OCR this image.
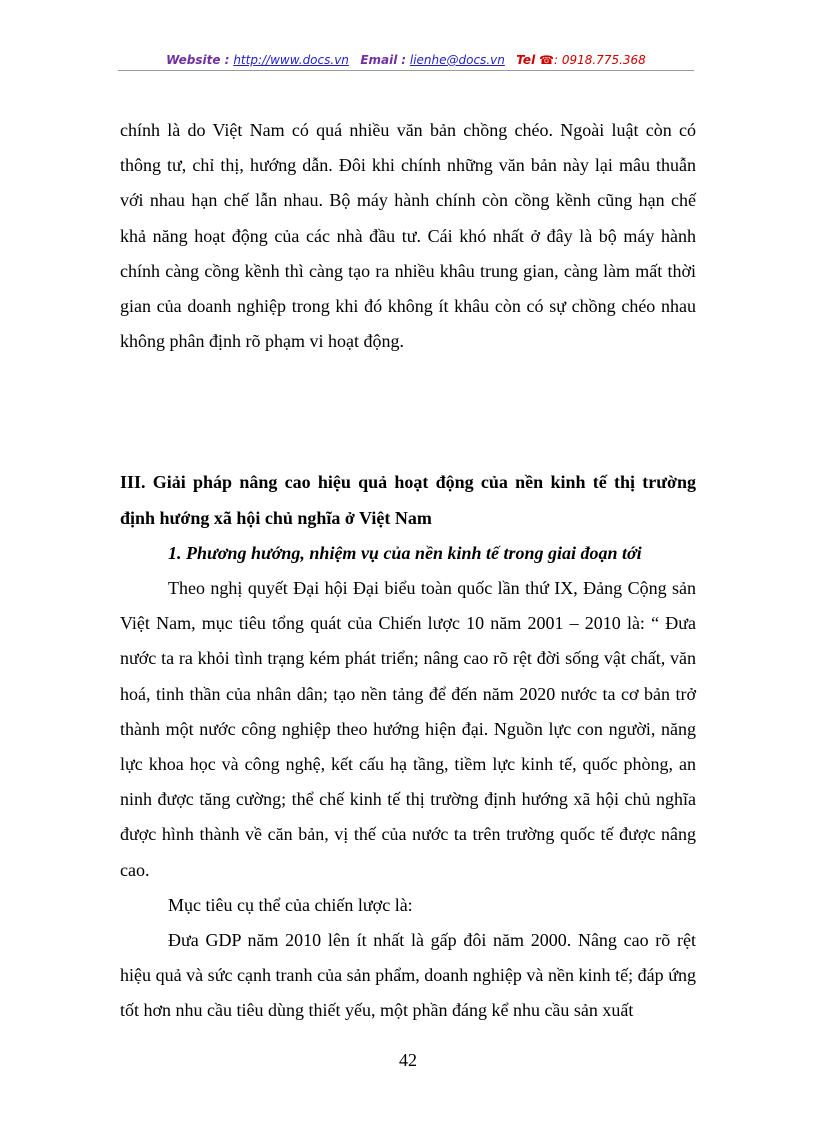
Website : http://www.docs.vn Email : lienhe@docs.vn Tel ☎: 0918.775.368

chính là do Việt Nam có quá nhiều văn bản chồng chéo. Ngoài luật còn có thông tư, chỉ thị, hướng dẫn. Đôi khi chính những văn bản này lại mâu thuẫn với nhau hạn chế lẫn nhau. Bộ máy hành chính còn cồng kềnh cũng hạn chế khả năng hoạt động của các nhà đầu tư. Cái khó nhất ở đây là bộ máy hành chính càng cồng kềnh thì càng tạo ra nhiều khâu trung gian, càng làm mất thời gian của doanh nghiệp trong khi đó không ít khâu còn có sự chồng chéo nhau không phân định rõ phạm vi hoạt động.

III. Giải pháp nâng cao hiệu quả hoạt động của nền kinh tế thị trường định hướng xã hội chủ nghĩa ở Việt Nam

1. Phương hướng, nhiệm vụ của nền kinh tế trong giai đoạn tới

Theo nghị quyết Đại hội Đại biểu toàn quốc lần thứ IX, Đảng Cộng sản Việt Nam, mục tiêu tổng quát của Chiến lược 10 năm 2001 – 2010 là: “ Đưa nước ta ra khỏi tình trạng kém phát triển; nâng cao rõ rệt đời sống vật chất, văn hoá, tinh thần của nhân dân; tạo nền tảng để đến năm 2020 nước ta cơ bản trở thành một nước công nghiệp theo hướng hiện đại. Nguồn lực con người, năng lực khoa học và công nghệ, kết cấu hạ tầng, tiềm lực kinh tế, quốc phòng, an ninh được tăng cường; thể chế kinh tế thị trường định hướng xã hội chủ nghĩa được hình thành về căn bản, vị thế của nước ta trên trường quốc tế được nâng cao.

Mục tiêu cụ thể của chiến lược là:

Đưa GDP năm 2010 lên ít nhất là gấp đôi năm 2000. Nâng cao rõ rệt hiệu quả và sức cạnh tranh của sản phẩm, doanh nghiệp và nền kinh tế; đáp ứng tốt hơn nhu cầu tiêu dùng thiết yếu, một phần đáng kể nhu cầu sản xuất

42
